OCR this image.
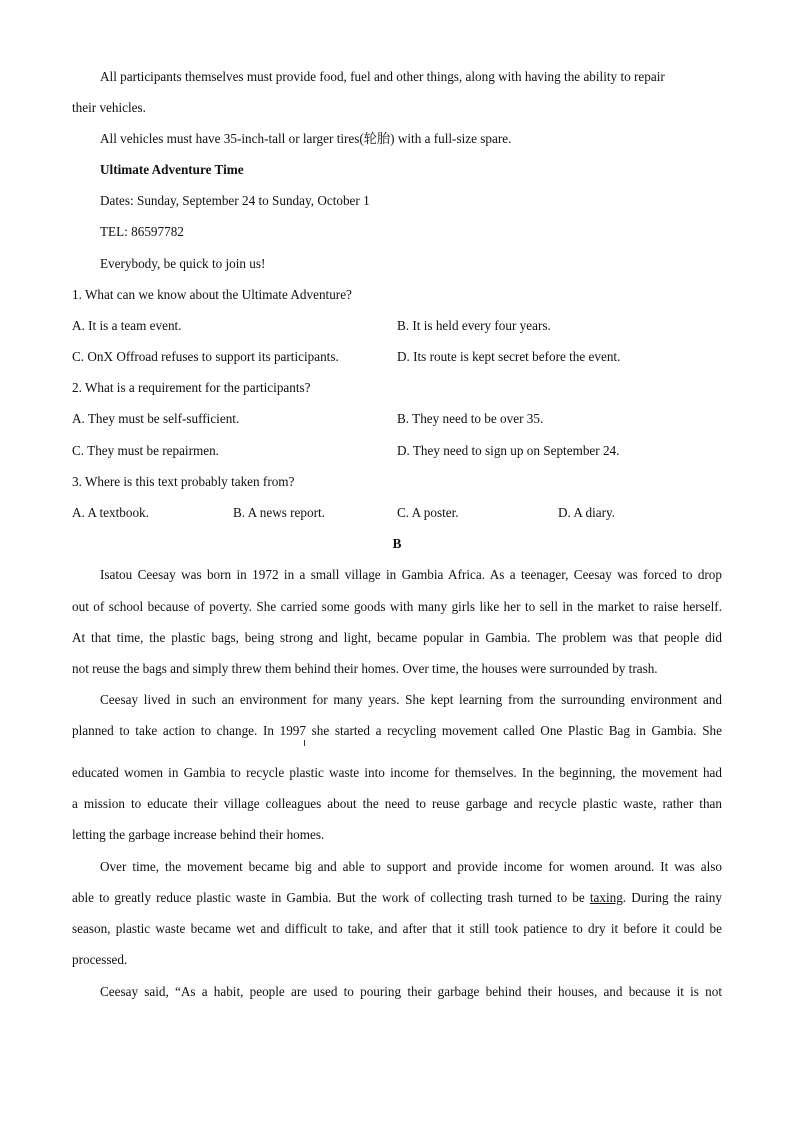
All participants themselves must provide food, fuel and other things, along with having the ability to repair
their vehicles.
All vehicles must have 35-inch-tall or larger tires(轮胎) with a full-size spare.
Ultimate Adventure Time
Dates: Sunday, September 24 to Sunday, October 1
TEL: 86597782
Everybody, be quick to join us!
1. What can we know about the Ultimate Adventure?
A. It is a team event.	B. It is held every four years.
C. OnX Offroad refuses to support its participants.	D. Its route is kept secret before the event.
2. What is a requirement for the participants?
A. They must be self-sufficient.	B. They need to be over 35.
C. They must be repairmen.	D. They need to sign up on September 24.
3. Where is this text probably taken from?
A. A textbook.	B. A news report.	C. A poster.	D. A diary.
B
Isatou Ceesay was born in 1972 in a small village in Gambia Africa. As a teenager, Ceesay was forced to drop
out of school because of poverty. She carried some goods with many girls like her to sell in the market to raise herself.
At that time, the plastic bags, being strong and light, became popular in Gambia. The problem was that people did
not reuse the bags and simply threw them behind their homes. Over time, the houses were surrounded by trash.
Ceesay lived in such an environment for many years. She kept learning from the surrounding environment and
planned to take action to change. In 1997 she started a recycling movement called One Plastic Bag in Gambia. She
educated women in Gambia to recycle plastic waste into income for themselves. In the beginning, the movement had
a mission to educate their village colleagues about the need to reuse garbage and recycle plastic waste, rather than
letting the garbage increase behind their homes.
Over time, the movement became big and able to support and provide income for women around. It was also
able to greatly reduce plastic waste in Gambia. But the work of collecting trash turned to be taxing. During the rainy
season, plastic waste became wet and difficult to take, and after that it still took patience to dry it before it could be
processed.
Ceesay said, “As a habit, people are used to pouring their garbage behind their houses, and because it is not
